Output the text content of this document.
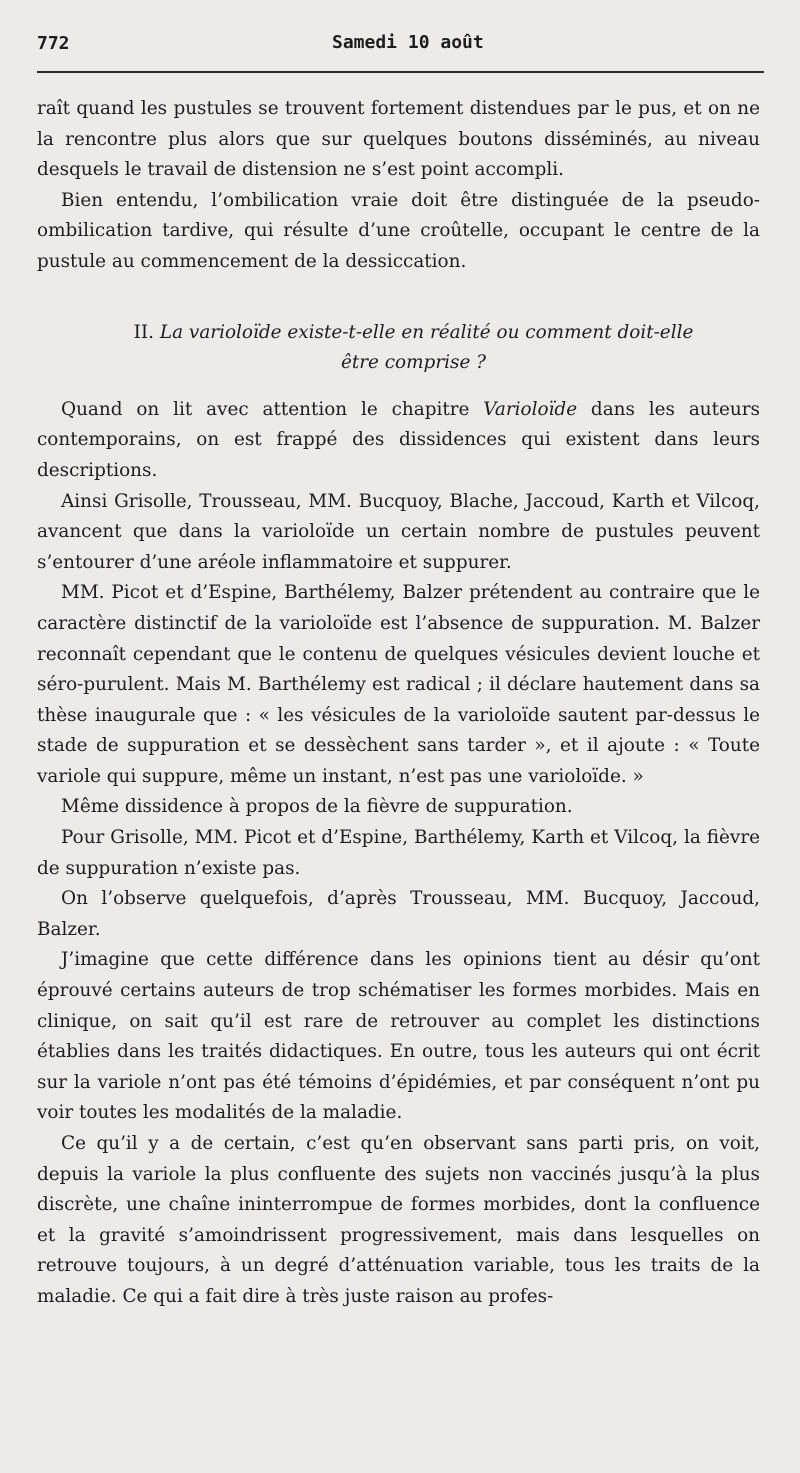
772	Samedi 10 août

raît quand les pustules se trouvent fortement distendues par le pus, et on ne la rencontre plus alors que sur quelques boutons disséminés, au niveau desquels le travail de distension ne s’est point accompli.

Bien entendu, l’ombilication vraie doit être distinguée de la pseudo-ombilication tardive, qui résulte d’une croûtelle, occupant le centre de la pustule au commencement de la dessiccation.

II. La varioloïde existe-t-elle en réalité ou comment doit-elle
être comprise ?

Quand on lit avec attention le chapitre Varioloïde dans les auteurs contemporains, on est frappé des dissidences qui existent dans leurs descriptions.

Ainsi Grisolle, Trousseau, MM. Bucquoy, Blache, Jaccoud, Karth et Vilcoq, avancent que dans la varioloïde un certain nombre de pustules peuvent s’entourer d’une aréole inflammatoire et suppurer.

MM. Picot et d’Espine, Barthélemy, Balzer prétendent au contraire que le caractère distinctif de la varioloïde est l’absence de suppuration. M. Balzer reconnaît cependant que le contenu de quelques vésicules devient louche et séro-purulent. Mais M. Barthélemy est radical ; il déclare hautement dans sa thèse inaugurale que : « les vésicules de la varioloïde sautent par-dessus le stade de suppuration et se dessèchent sans tarder », et il ajoute : « Toute variole qui suppure, même un instant, n’est pas une varioloïde. »

Même dissidence à propos de la fièvre de suppuration.

Pour Grisolle, MM. Picot et d’Espine, Barthélemy, Karth et Vilcoq, la fièvre de suppuration n’existe pas.

On l’observe quelquefois, d’après Trousseau, MM. Bucquoy, Jaccoud, Balzer.

J’imagine que cette différence dans les opinions tient au désir qu’ont éprouvé certains auteurs de trop schématiser les formes morbides. Mais en clinique, on sait qu’il est rare de retrouver au complet les distinctions établies dans les traités didactiques. En outre, tous les auteurs qui ont écrit sur la variole n’ont pas été témoins d’épidémies, et par conséquent n’ont pu voir toutes les modalités de la maladie.

Ce qu’il y a de certain, c’est qu’en observant sans parti pris, on voit, depuis la variole la plus confluente des sujets non vaccinés jusqu’à la plus discrète, une chaîne ininterrompue de formes morbides, dont la confluence et la gravité s’amoindrissent progressivement, mais dans lesquelles on retrouve toujours, à un degré d’atténuation variable, tous les traits de la maladie. Ce qui a fait dire à très juste raison au profes-
